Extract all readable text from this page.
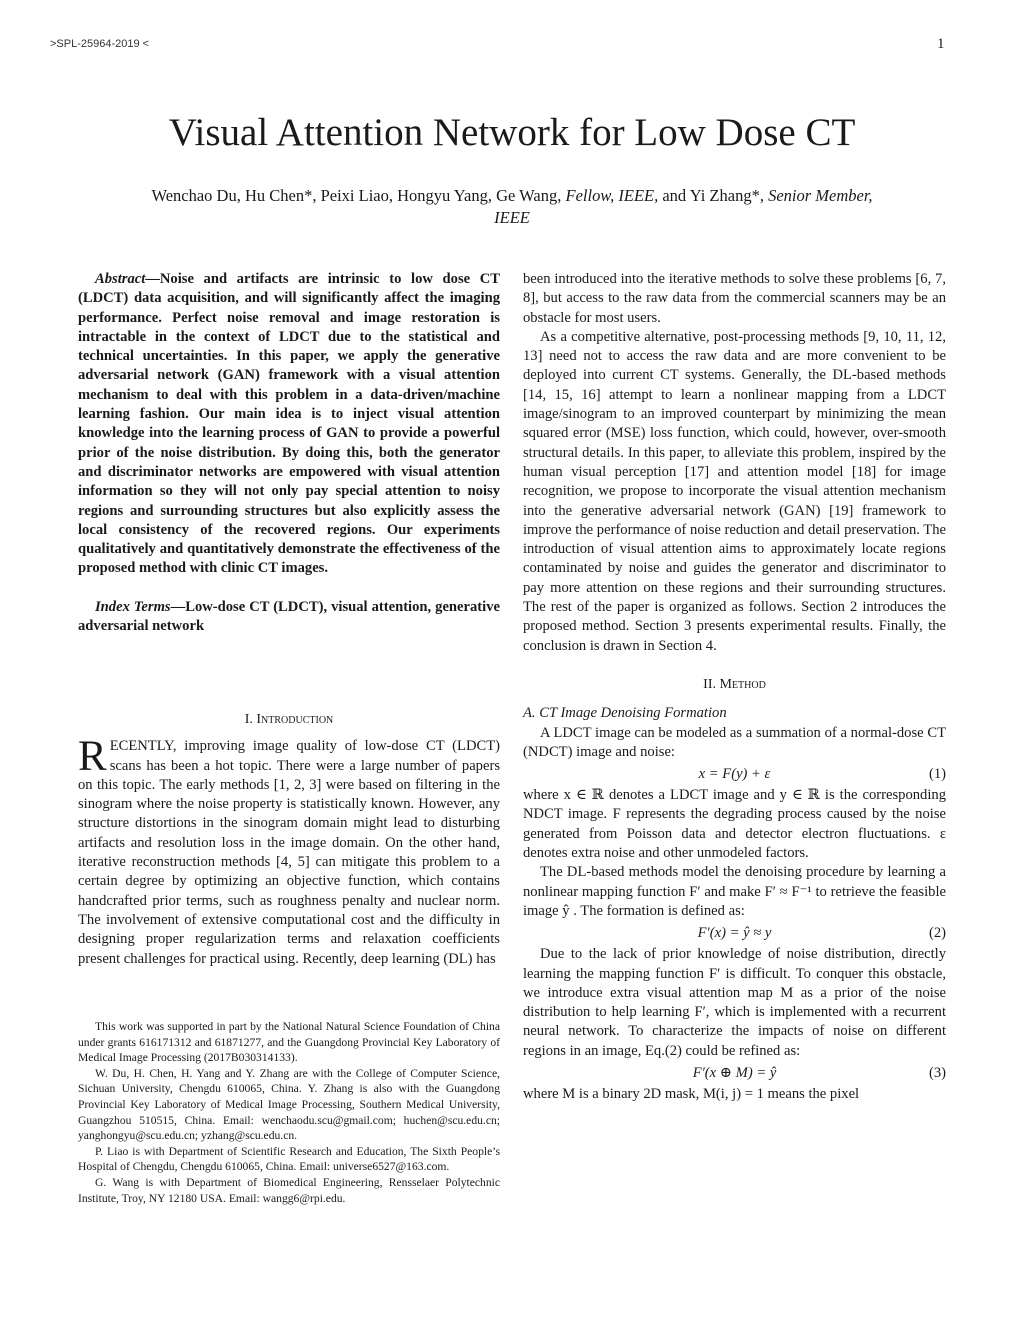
>SPL-25964-2019 <	1
Visual Attention Network for Low Dose CT
Wenchao Du, Hu Chen*, Peixi Liao, Hongyu Yang, Ge Wang, Fellow, IEEE, and Yi Zhang*, Senior Member, IEEE

Abstract—Noise and artifacts are intrinsic to low dose CT (LDCT) data acquisition, and will significantly affect the imaging performance. Perfect noise removal and image restoration is intractable in the context of LDCT due to the statistical and technical uncertainties. In this paper, we apply the generative adversarial network (GAN) framework with a visual attention mechanism to deal with this problem in a data-driven/machine learning fashion. Our main idea is to inject visual attention knowledge into the learning process of GAN to provide a powerful prior of the noise distribution. By doing this, both the generator and discriminator networks are empowered with visual attention information so they will not only pay special attention to noisy regions and surrounding structures but also explicitly assess the local consistency of the recovered regions. Our experiments qualitatively and quantitatively demonstrate the effectiveness of the proposed method with clinic CT images.

Index Terms—Low-dose CT (LDCT), visual attention, generative adversarial network

I. Introduction

RECENTLY, improving image quality of low-dose CT (LDCT) scans has been a hot topic. There were a large number of papers on this topic. The early methods [1, 2, 3] were based on filtering in the sinogram where the noise property is statistically known. However, any structure distortions in the sinogram domain might lead to disturbing artifacts and resolution loss in the image domain. On the other hand, iterative reconstruction methods [4, 5] can mitigate this problem to a certain degree by optimizing an objective function, which contains handcrafted prior terms, such as roughness penalty and nuclear norm. The involvement of extensive computational cost and the difficulty in designing proper regularization terms and relaxation coefficients present challenges for practical using. Recently, deep learning (DL) has

This work was supported in part by the National Natural Science Foundation of China under grants 616171312 and 61871277, and the Guangdong Provincial Key Laboratory of Medical Image Processing (2017B030314133).

W. Du, H. Chen, H. Yang and Y. Zhang are with the College of Computer Science, Sichuan University, Chengdu 610065, China. Y. Zhang is also with the Guangdong Provincial Key Laboratory of Medical Image Processing, Southern Medical University, Guangzhou 510515, China. Email: wenchaodu.scu@gmail.com; huchen@scu.edu.cn; yanghongyu@scu.edu.cn; yzhang@scu.edu.cn.

P. Liao is with Department of Scientific Research and Education, The Sixth People’s Hospital of Chengdu, Chengdu 610065, China. Email: universe6527@163.com.

G. Wang is with Department of Biomedical Engineering, Rensselaer Polytechnic Institute, Troy, NY 12180 USA. Email: wangg6@rpi.edu.

been introduced into the iterative methods to solve these problems [6, 7, 8], but access to the raw data from the commercial scanners may be an obstacle for most users.

As a competitive alternative, post-processing methods [9, 10, 11, 12, 13] need not to access the raw data and are more convenient to be deployed into current CT systems. Generally, the DL-based methods [14, 15, 16] attempt to learn a nonlinear mapping from a LDCT image/sinogram to an improved counterpart by minimizing the mean squared error (MSE) loss function, which could, however, over-smooth structural details. In this paper, to alleviate this problem, inspired by the human visual perception [17] and attention model [18] for image recognition, we propose to incorporate the visual attention mechanism into the generative adversarial network (GAN) [19] framework to improve the performance of noise reduction and detail preservation. The introduction of visual attention aims to approximately locate regions contaminated by noise and guides the generator and discriminator to pay more attention on these regions and their surrounding structures. The rest of the paper is organized as follows. Section 2 introduces the proposed method. Section 3 presents experimental results. Finally, the conclusion is drawn in Section 4.

II. Method
A. CT Image Denoising Formation

A LDCT image can be modeled as a summation of a normal-dose CT (NDCT) image and noise:

x = F(y) + ε	(1)

where x ∈ ℝ denotes a LDCT image and y ∈ ℝ is the corresponding NDCT image. F represents the degrading process caused by the noise generated from Poisson data and detector electron fluctuations. ε denotes extra noise and other unmodeled factors.

The DL-based methods model the denoising procedure by learning a nonlinear mapping function F′ and make F′ ≈ F⁻¹ to retrieve the feasible image ŷ . The formation is defined as:

F′(x) = ŷ ≈ y	(2)

Due to the lack of prior knowledge of noise distribution, directly learning the mapping function F′ is difficult. To conquer this obstacle, we introduce extra visual attention map M as a prior of the noise distribution to help learning F′, which is implemented with a recurrent neural network. To characterize the impacts of noise on different regions in an image, Eq.(2) could be refined as:

F′(x ⊕ M) = ŷ	(3)

where M is a binary 2D mask, M(i, j) = 1 means the pixel
